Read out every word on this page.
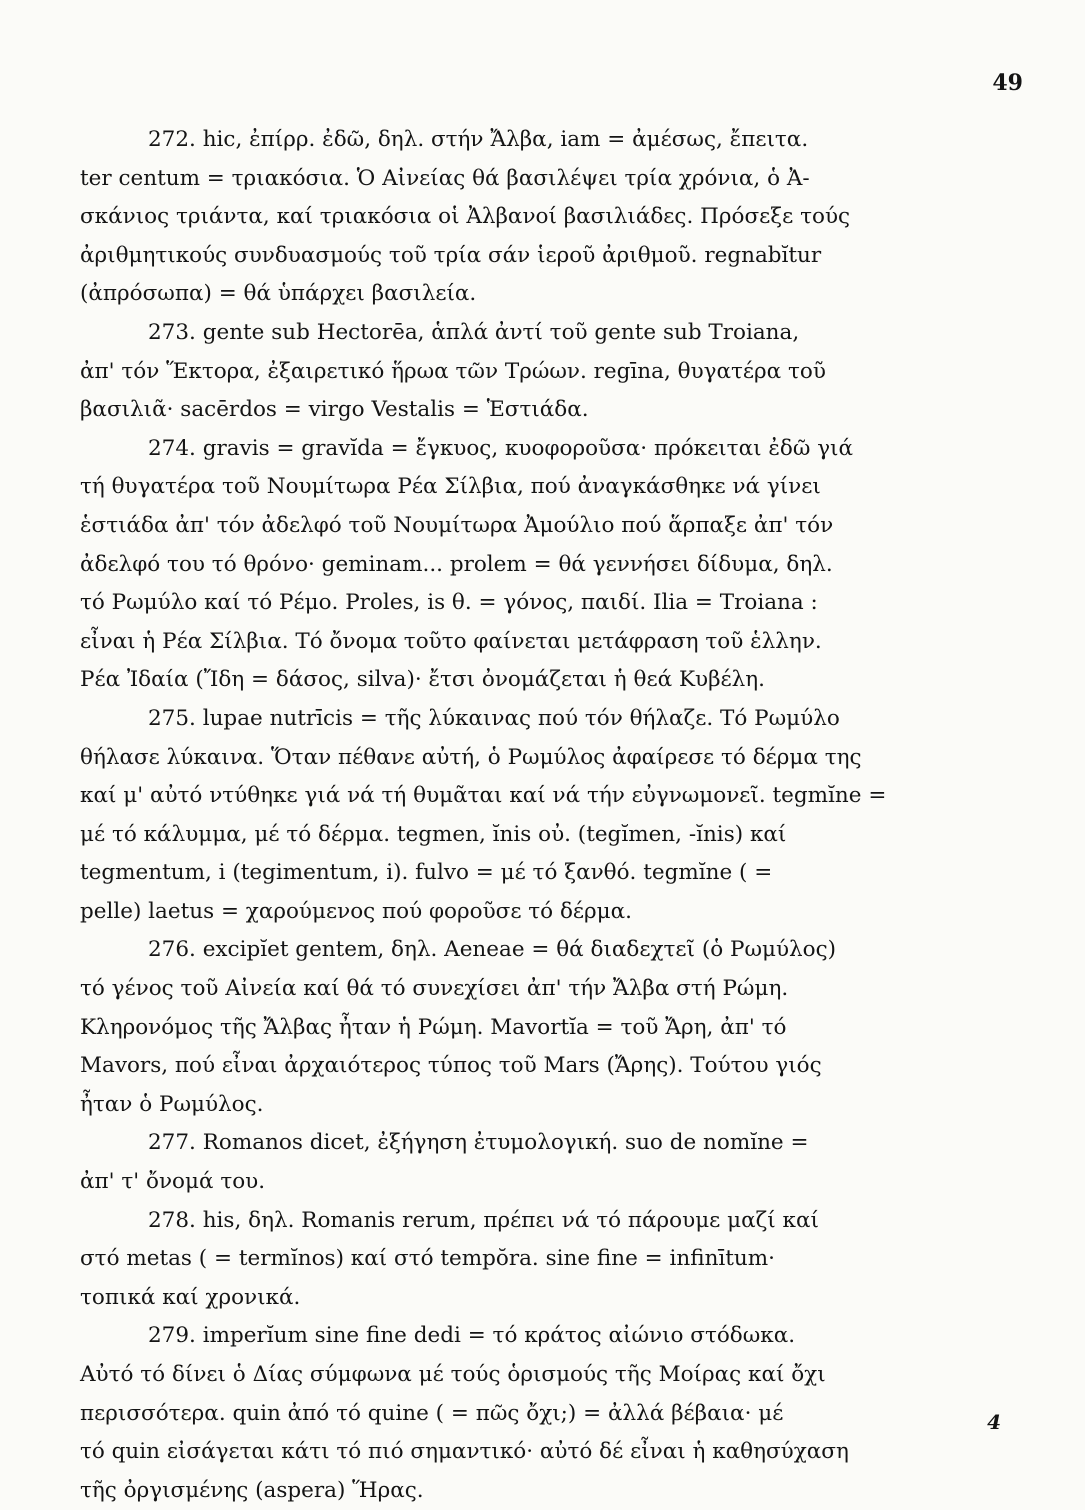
49

272. hic, ἐπίρρ. ἐδῶ, δηλ. στήν Ἄλβα, iam = ἀμέσως, ἔπειτα.
ter centum = τριακόσια. Ὁ Αἰνείας θά βασιλέψει τρία χρόνια, ὁ Ἀ-
σκάνιος τριάντα, καί τριακόσια οἱ Ἀλβανοί βασιλιάδες. Πρόσεξε τούς
ἀριθμητικούς συνδυασμούς τοῦ τρία σάν ἱεροῦ ἀριθμοῦ. regnabĭtur
(ἀπρόσωπα) = θά ὑπάρχει βασιλεία.
273. gente sub Hectorēa, ἁπλά ἀντί τοῦ gente sub Troiana,
ἀπ' τόν Ἕκτορα, ἐξαιρετικό ἥρωα τῶν Τρώων. regīna, θυγατέρα τοῦ
βασιλιᾶ· sacērdos = virgo Vestalis = Ἑστιάδα.
274. gravis = gravĭda = ἔγκυος, κυοφοροῦσα· πρόκειται ἐδῶ γιά
τή θυγατέρα τοῦ Νουμίτωρα Ρέα Σίλβια, πού ἀναγκάσθηκε νά γίνει
ἑστιάδα ἀπ' τόν ἀδελφό τοῦ Νουμίτωρα Ἀμούλιο πού ἅρπαξε ἀπ' τόν
ἀδελφό του τό θρόνο· geminam... prolem = θά γεννήσει δίδυμα, δηλ.
τό Ρωμύλο καί τό Ρέμο. Proles, is θ. = γόνος, παιδί. Ilia = Troiana :
εἶναι ἡ Ρέα Σίλβια. Τό ὄνομα τοῦτο φαίνεται μετάφραση τοῦ ἑλλην.
Ρέα Ἰδαία (Ἴδη = δάσος, silva)· ἔτσι ὀνομάζεται ἡ θεά Κυβέλη.
275. lupae nutrīcis = τῆς λύκαινας πού τόν θήλαζε. Τό Ρωμύλο
θήλασε λύκαινα. Ὅταν πέθανε αὐτή, ὁ Ρωμύλος ἀφαίρεσε τό δέρμα της
καί μ' αὐτό ντύθηκε γιά νά τή θυμᾶται καί νά τήν εὐγνωμονεῖ. tegmĭne =
μέ τό κάλυμμα, μέ τό δέρμα. tegmen, ĭnis οὐ. (tegĭmen, -ĭnis) καί
tegmentum, i (tegimentum, i). fulvo = μέ τό ξανθό. tegmĭne ( =
pelle) laetus = χαρούμενος πού φοροῦσε τό δέρμα.
276. excipĭet gentem, δηλ. Aeneae = θά διαδεχτεῖ (ὁ Ρωμύλος)
τό γένος τοῦ Αἰνεία καί θά τό συνεχίσει ἀπ' τήν Ἄλβα στή Ρώμη.
Κληρονόμος τῆς Ἄλβας ἦταν ἡ Ρώμη. Mavortĭa = τοῦ Ἄρη, ἀπ' τό
Mavors, πού εἶναι ἀρχαιότερος τύπος τοῦ Mars (Ἄρης). Τούτου γιός
ἦταν ὁ Ρωμύλος.
277. Romanos dicet, ἐξήγηση ἐτυμολογική. suo de nomĭne =
ἀπ' τ' ὄνομά του.
278. his, δηλ. Romanis rerum, πρέπει νά τό πάρουμε μαζί καί
στό metas ( = termĭnos) καί στό tempŏra. sine fine = infinītum·
τοπικά καί χρονικά.
279. imperĭum sine fine dedi = τό κράτος αἰώνιο στόδωκα.
Αὐτό τό δίνει ὁ Δίας σύμφωνα μέ τούς ὁρισμούς τῆς Μοίρας καί ὄχι
περισσότερα. quin ἀπό τό quine ( = πῶς ὄχι;) = ἀλλά βέβαια· μέ
τό quin εἰσάγεται κάτι τό πιό σημαντικό· αὐτό δέ εἶναι ἡ καθησύχαση
τῆς ὀργισμένης (aspera) Ἥρας.

4
